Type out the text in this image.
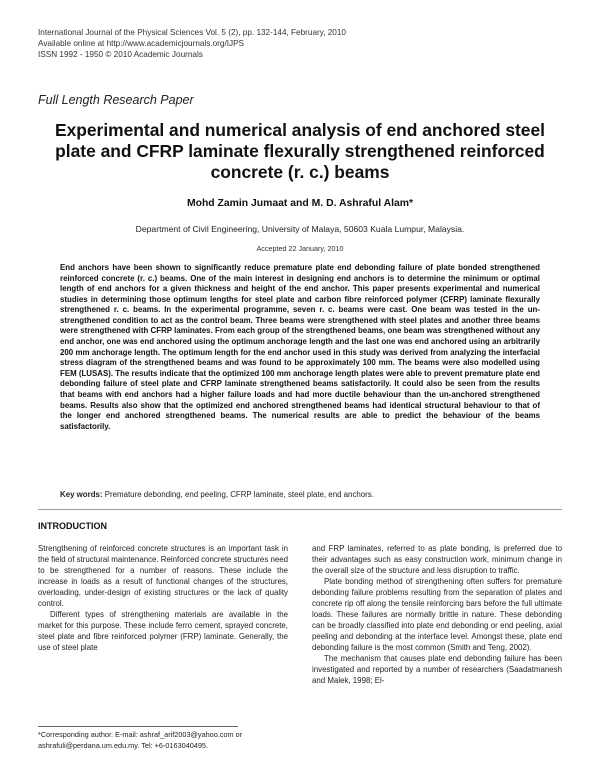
International Journal of the Physical Sciences Vol. 5 (2), pp. 132-144, February, 2010
Available online at http://www.academicjournals.org/IJPS
ISSN 1992 - 1950 © 2010 Academic Journals
Full Length Research Paper
Experimental and numerical analysis of end anchored steel plate and CFRP laminate flexurally strengthened reinforced concrete (r. c.) beams
Mohd Zamin Jumaat and M. D. Ashraful Alam*
Department of Civil Engineering, University of Malaya, 50603 Kuala Lumpur, Malaysia.
Accepted 22 January, 2010

End anchors have been shown to significantly reduce premature plate end debonding failure of plate bonded strengthened reinforced concrete (r. c.) beams. One of the main interest in designing end anchors is to determine the minimum or optimal length of end anchors for a given thickness and height of the end anchor. This paper presents experimental and numerical studies in determining those optimum lengths for steel plate and carbon fibre reinforced polymer (CFRP) laminate flexurally strengthened r. c. beams. In the experimental programme, seven r. c. beams were cast. One beam was tested in the un-strengthened condition to act as the control beam. Three beams were strengthened with steel plates and another three beams were strengthened with CFRP laminates. From each group of the strengthened beams, one beam was strengthened without any end anchor, one was end anchored using the optimum anchorage length and the last one was end anchored using an arbitrarily 200 mm anchorage length. The optimum length for the end anchor used in this study was derived from analyzing the interfacial stress diagram of the strengthened beams and was found to be approximately 100 mm. The beams were also modelled using FEM (LUSAS). The results indicate that the optimized 100 mm anchorage length plates were able to prevent premature plate end debonding failure of steel plate and CFRP laminate strengthened beams satisfactorily. It could also be seen from the results that beams with end anchors had a higher failure loads and had more ductile behaviour than the un-anchored strengthened beams. Results also show that the optimized end anchored strengthened beams had identical structural behaviour to that of the longer end anchored strengthened beams. The numerical results are able to predict the behaviour of the beams satisfactorily.

Key words: Premature debonding, end peeling, CFRP laminate, steel plate, end anchors.
INTRODUCTION

Strengthening of reinforced concrete structures is an important task in the field of structural maintenance. Reinforced concrete structures need to be strengthened for a number of reasons. These include the increase in loads as a result of functional changes of the structures, overloading, under-design of existing structures or the lack of quality control.

Different types of strengthening materials are available in the market for this purpose. These include ferro cement, sprayed concrete, steel plate and fibre reinforced polymer (FRP) laminate. Generally, the use of steel plate

and FRP laminates, referred to as plate bonding, is preferred due to their advantages such as easy construction work, minimum change in the overall size of the structure and less disruption to traffic.

Plate bonding method of strengthening often suffers for premature debonding failure problems resulting from the separation of plates and concrete rip off along the tensile reinforcing bars before the full ultimate loads. These failures are normally brittle in nature. These debonding can be broadly classified into plate end debonding or end peeling, axial peeling and debonding at the interface level. Amongst these, plate end debonding failure is the most common (Smith and Teng, 2002).

The mechanism that causes plate end debonding failure has been investigated and reported by a number of researchers (Saadatmanesh and Malek, 1998; El-

*Corresponding author. E-mail: ashraf_arif2003@yahoo.com or
ashrafuli@perdana.um.edu.my. Tel: +6-0163040495.
